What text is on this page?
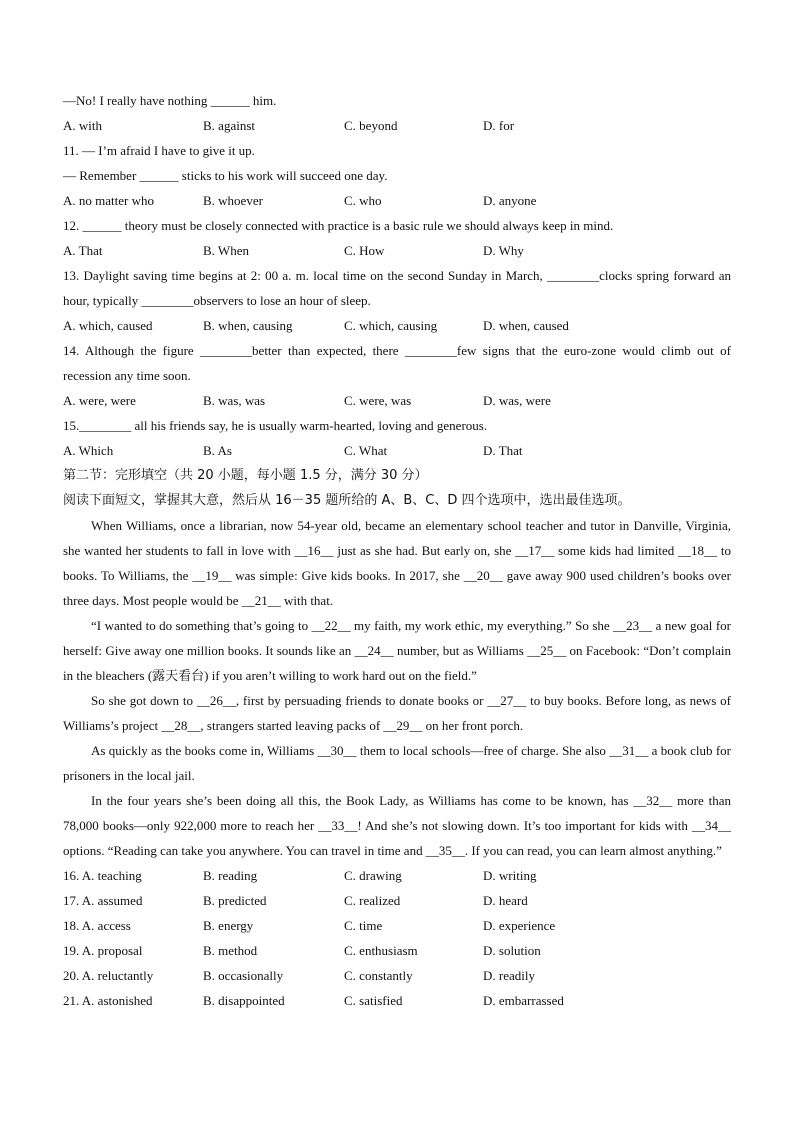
—No! I really have nothing ______ him.
A. with	B. against	C. beyond	D. for
11. — I’m afraid I have to give it up.
— Remember ______ sticks to his work will succeed one day.
A. no matter who	B. whoever	C. who	D. anyone
12. ______ theory must be closely connected with practice is a basic rule we should always keep in mind.
A. That	B. When	C. How	D. Why
13. Daylight saving time begins at 2: 00 a. m. local time on the second Sunday in March, ________clocks spring forward an hour, typically ________observers to lose an hour of sleep.
A. which, caused	B. when, causing	C. which, causing	D. when, caused
14. Although the figure ________better than expected, there ________few signs that the euro-zone would climb out of recession any time soon.
A. were, were	B. was, was	C. were, was	D. was, were
15.________ all his friends say, he is usually warm-hearted, loving and generous.
A. Which	B. As	C. What	D. That
第二节：完形填空（共 20 小题，每小题 1.5 分，满分 30 分）
阅读下面短文，掌握其大意，然后从 16－35 题所给的 A、B、C、D 四个选项中，选出最佳选项。
When Williams, once a librarian, now 54-year old, became an elementary school teacher and tutor in Danville, Virginia, she wanted her students to fall in love with __16__ just as she had. But early on, she __17__ some kids had limited __18__ to books. To Williams, the __19__ was simple: Give kids books. In 2017, she __20__ gave away 900 used children’s books over three days. Most people would be __21__ with that.
“I wanted to do something that’s going to __22__ my faith, my work ethic, my everything.” So she __23__ a new goal for herself: Give away one million books. It sounds like an __24__ number, but as Williams __25__ on Facebook: “Don’t complain in the bleachers (露天看台) if you aren’t willing to work hard out on the field.”
So she got down to __26__, first by persuading friends to donate books or __27__ to buy books. Before long, as news of Williams’s project __28__, strangers started leaving packs of __29__ on her front porch.
As quickly as the books come in, Williams __30__ them to local schools—free of charge. She also __31__ a book club for prisoners in the local jail.
In the four years she’s been doing all this, the Book Lady, as Williams has come to be known, has __32__ more than 78,000 books—only 922,000 more to reach her __33__! And she’s not slowing down. It’s too important for kids with __34__ options. “Reading can take you anywhere. You can travel in time and __35__. If you can read, you can learn almost anything.”
16. A. teaching	B. reading	C. drawing	D. writing
17. A. assumed	B. predicted	C. realized	D. heard
18. A. access	B. energy	C. time	D. experience
19. A. proposal	B. method	C. enthusiasm	D. solution
20. A. reluctantly	B. occasionally	C. constantly	D. readily
21. A. astonished	B. disappointed	C. satisfied	D. embarrassed
